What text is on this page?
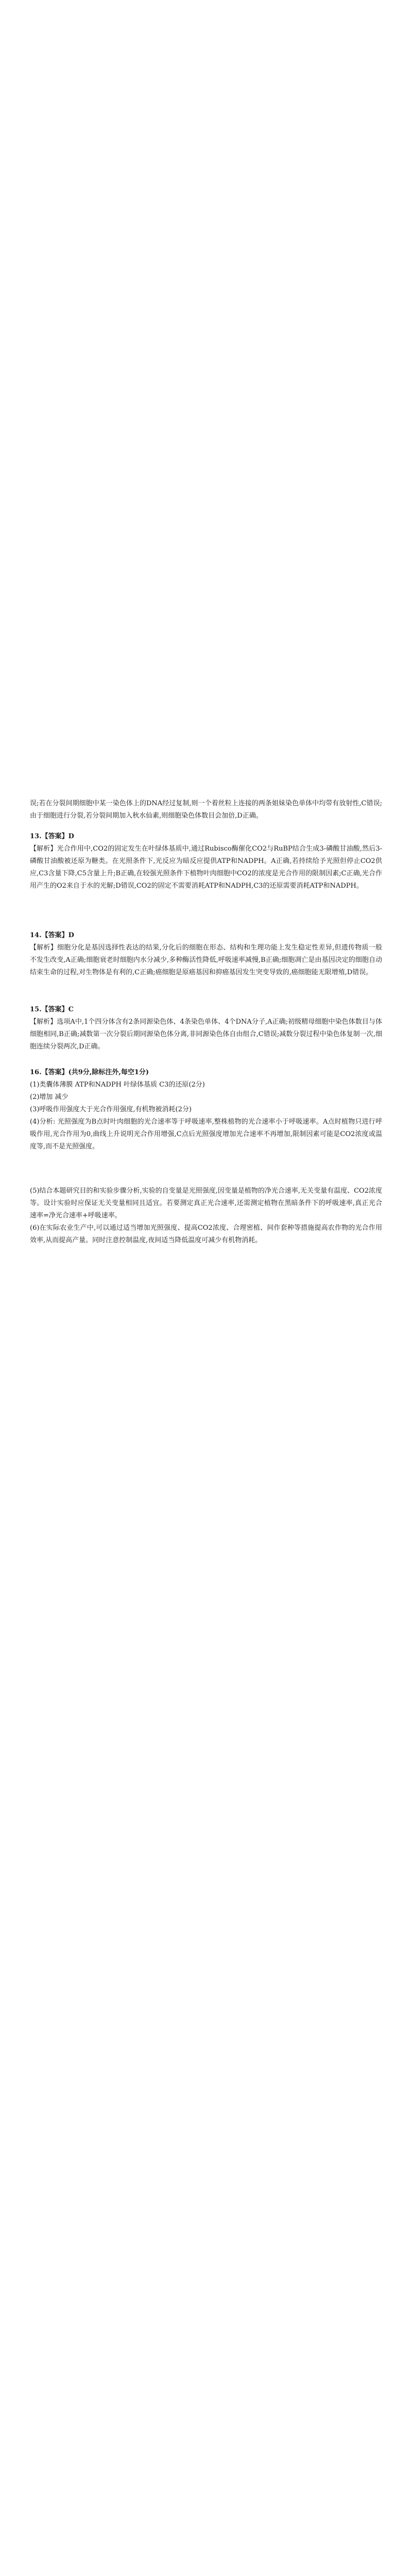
误;若在分裂间期细胞中某一染色体上的DNA经过复制,则一个着丝粒上连接的两条姐妹染色单体中均带有放射性,C错误;由于细胞进行分裂,若分裂间期加入秋水仙素,则细胞染色体数目会加倍,D正确。

13.【答案】D

【解析】光合作用中,CO2的固定发生在叶绿体基质中,通过Rubisco酶催化CO2与RuBP结合生成3-磷酸甘油酸,然后3-磷酸甘油酸被还原为糖类。在光照条件下,光反应为暗反应提供ATP和NADPH。A正确,若持续给予光照但停止CO2供应,C3含量下降,C5含量上升;B正确,在较强光照条件下植物叶肉细胞中CO2的浓度是光合作用的限制因素;C正确,光合作用产生的O2来自于水的光解;D错误,CO2的固定不需要消耗ATP和NADPH,C3的还原需要消耗ATP和NADPH。

14.【答案】D

【解析】细胞分化是基因选择性表达的结果,分化后的细胞在形态、结构和生理功能上发生稳定性差异,但遗传物质一般不发生改变,A正确;细胞衰老时细胞内水分减少,多种酶活性降低,呼吸速率减慢,B正确;细胞凋亡是由基因决定的细胞自动结束生命的过程,对生物体是有利的,C正确;癌细胞是原癌基因和抑癌基因发生突变导致的,癌细胞能无限增殖,D错误。

15.【答案】C

【解析】选项A中,1个四分体含有2条同源染色体、4条染色单体、4个DNA分子,A正确;初级精母细胞中染色体数目与体细胞相同,B正确;减数第一次分裂后期同源染色体分离,非同源染色体自由组合,C错误;减数分裂过程中染色体复制一次,细胞连续分裂两次,D正确。

16.【答案】(共9分,除标注外,每空1分)

(1)类囊体薄膜 ATP和NADPH 叶绿体基质 C3的还原(2分)

(2)增加 减少

(3)呼吸作用强度大于光合作用强度,有机物被消耗(2分)

(4)分析: 光照强度为B点时叶肉细胞的光合速率等于呼吸速率,整株植物的光合速率小于呼吸速率。A点时植物只进行呼吸作用,光合作用为0,曲线上升说明光合作用增强,C点后光照强度增加光合速率不再增加,限制因素可能是CO2浓度或温度等,而不是光照强度。

(5)结合本题研究目的和实验步骤分析,实验的自变量是光照强度,因变量是植物的净光合速率,无关变量有温度、CO2浓度等。设计实验时应保证无关变量相同且适宜。若要测定真正光合速率,还需测定植物在黑暗条件下的呼吸速率,真正光合速率=净光合速率+呼吸速率。

(6)在实际农业生产中,可以通过适当增加光照强度、提高CO2浓度、合理密植、间作套种等措施提高农作物的光合作用效率,从而提高产量。同时注意控制温度,夜间适当降低温度可减少有机物消耗。
